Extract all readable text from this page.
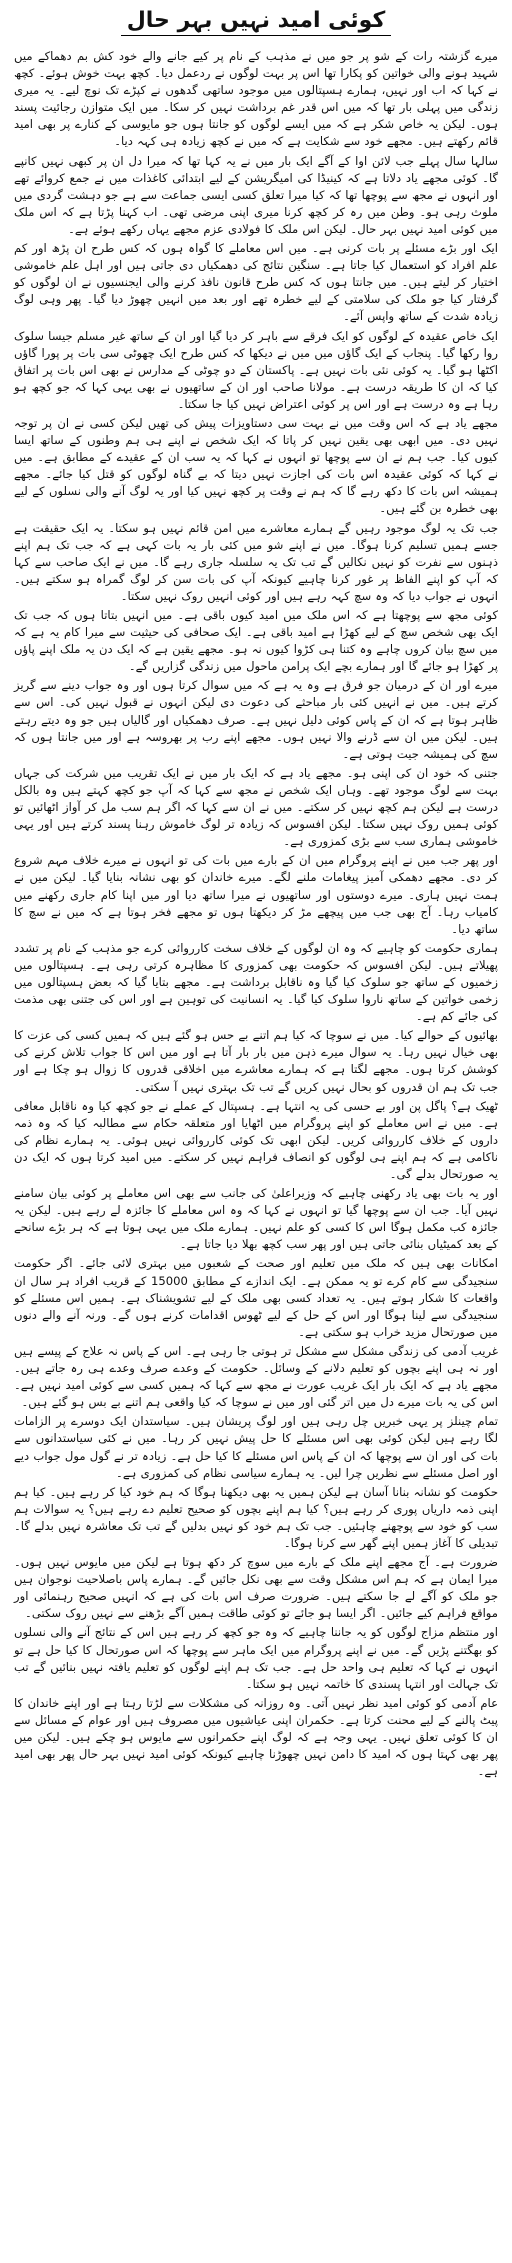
کوئی امید نہیں بہر حال

میرے گزشتہ رات کے شو پر جو میں نے مذہب کے نام پر کیے جانے والے خود کش بم دھماکے میں شہید ہونے والی خواتین کو پکارا تھا اس پر بہت لوگوں نے ردعمل دیا۔ کچھ بہت خوش ہوئے۔ کچھ نے کہا کہ اب اور نہیں، ہمارے ہسپتالوں میں موجود ساتھی گدھوں نے کپڑے تک نوچ لیے۔ یہ میری زندگی میں پہلی بار تھا کہ میں اس قدر غم برداشت نہیں کر سکا۔ میں ایک متوازن رجائیت پسند ہوں۔ لیکن یہ خاص شکر ہے کہ میں ایسے لوگوں کو جانتا ہوں جو مایوسی کے کنارے پر بھی امید قائم رکھتے ہیں۔ مجھے خود سے شکایت ہے کہ میں نے کچھ زیادہ ہی کہہ دیا۔

سالہا سال پہلے جب لائن اوا کے آگے ایک بار میں نے یہ کہا تھا کہ میرا دل ان پر کبھی نہیں کانپے گا۔ کوئی مجھے یاد دلاتا ہے کہ کینیڈا کی امیگریشن کے لیے ابتدائی کاغذات میں نے جمع کروائے تھے اور انہوں نے مجھ سے پوچھا تھا کہ کیا میرا تعلق کسی ایسی جماعت سے ہے جو دہشت گردی میں ملوث رہی ہو۔ وطن میں رہ کر کچھ کرنا میری اپنی مرضی تھی۔ اب کہنا پڑتا ہے کہ اس ملک میں کوئی امید نہیں بہر حال۔ لیکن اس ملک کا فولادی عزم مجھے یہاں رکھے ہوئے ہے۔

ایک اور بڑے مسئلے پر بات کرنی ہے۔ میں اس معاملے کا گواہ ہوں کہ کس طرح ان پڑھ اور کم علم افراد کو استعمال کیا جاتا ہے۔ سنگین نتائج کی دھمکیاں دی جاتی ہیں اور اہل علم خاموشی اختیار کر لیتے ہیں۔ میں جانتا ہوں کہ کس طرح قانون نافذ کرنے والی ایجنسیوں نے ان لوگوں کو گرفتار کیا جو ملک کی سلامتی کے لیے خطرہ تھے اور بعد میں انہیں چھوڑ دیا گیا۔ پھر وہی لوگ زیادہ شدت کے ساتھ واپس آئے۔

ایک خاص عقیدہ کے لوگوں کو ایک فرقے سے باہر کر دیا گیا اور ان کے ساتھ غیر مسلم جیسا سلوک روا رکھا گیا۔ پنجاب کے ایک گاؤں میں میں نے دیکھا کہ کس طرح ایک چھوٹی سی بات پر پورا گاؤں اکٹھا ہو گیا۔ یہ کوئی نئی بات نہیں ہے۔ پاکستان کے دو چوٹی کے مدارس نے بھی اس بات پر اتفاق کیا کہ ان کا طریقہ درست ہے۔ مولانا صاحب اور ان کے ساتھیوں نے بھی یہی کہا کہ جو کچھ ہو رہا ہے وہ درست ہے اور اس پر کوئی اعتراض نہیں کیا جا سکتا۔

مجھے یاد ہے کہ اس وقت میں نے بہت سی دستاویزات پیش کی تھیں لیکن کسی نے ان پر توجہ نہیں دی۔ میں ابھی بھی یقین نہیں کر پاتا کہ ایک شخص نے اپنے ہی ہم وطنوں کے ساتھ ایسا کیوں کیا۔ جب ہم نے ان سے پوچھا تو انہوں نے کہا کہ یہ سب ان کے عقیدے کے مطابق ہے۔ میں نے کہا کہ کوئی عقیدہ اس بات کی اجازت نہیں دیتا کہ بے گناہ لوگوں کو قتل کیا جائے۔ مجھے ہمیشہ اس بات کا دکھ رہے گا کہ ہم نے وقت پر کچھ نہیں کیا اور یہ لوگ آنے والی نسلوں کے لیے بھی خطرہ بن گئے ہیں۔

جب تک یہ لوگ موجود رہیں گے ہمارے معاشرے میں امن قائم نہیں ہو سکتا۔ یہ ایک حقیقت ہے جسے ہمیں تسلیم کرنا ہوگا۔ میں نے اپنے شو میں کئی بار یہ بات کہی ہے کہ جب تک ہم اپنے ذہنوں سے نفرت کو نہیں نکالیں گے تب تک یہ سلسلہ جاری رہے گا۔ میں نے ایک صاحب سے کہا کہ آپ کو اپنے الفاظ پر غور کرنا چاہیے کیونکہ آپ کی بات سن کر لوگ گمراہ ہو سکتے ہیں۔ انہوں نے جواب دیا کہ وہ سچ کہہ رہے ہیں اور کوئی انہیں روک نہیں سکتا۔

کوئی مجھ سے پوچھتا ہے کہ اس ملک میں امید کیوں باقی ہے۔ میں انہیں بتاتا ہوں کہ جب تک ایک بھی شخص سچ کے لیے کھڑا ہے امید باقی ہے۔ ایک صحافی کی حیثیت سے میرا کام یہ ہے کہ میں سچ بیان کروں چاہے وہ کتنا ہی کڑوا کیوں نہ ہو۔ مجھے یقین ہے کہ ایک دن یہ ملک اپنے پاؤں پر کھڑا ہو جائے گا اور ہمارے بچے ایک پرامن ماحول میں زندگی گزاریں گے۔

میرے اور ان کے درمیان جو فرق ہے وہ یہ ہے کہ میں سوال کرتا ہوں اور وہ جواب دینے سے گریز کرتے ہیں۔ میں نے انہیں کئی بار مباحثے کی دعوت دی لیکن انہوں نے قبول نہیں کی۔ اس سے ظاہر ہوتا ہے کہ ان کے پاس کوئی دلیل نہیں ہے۔ صرف دھمکیاں اور گالیاں ہیں جو وہ دیتے رہتے ہیں۔ لیکن میں ان سے ڈرنے والا نہیں ہوں۔ مجھے اپنے رب پر بھروسہ ہے اور میں جانتا ہوں کہ سچ کی ہمیشہ جیت ہوتی ہے۔

جتنی کہ خود ان کی اپنی ہو۔ مجھے یاد ہے کہ ایک بار میں نے ایک تقریب میں شرکت کی جہاں بہت سے لوگ موجود تھے۔ وہاں ایک شخص نے مجھ سے کہا کہ آپ جو کچھ کہتے ہیں وہ بالکل درست ہے لیکن ہم کچھ نہیں کر سکتے۔ میں نے ان سے کہا کہ اگر ہم سب مل کر آواز اٹھائیں تو کوئی ہمیں روک نہیں سکتا۔ لیکن افسوس کہ زیادہ تر لوگ خاموش رہنا پسند کرتے ہیں اور یہی خاموشی ہماری سب سے بڑی کمزوری ہے۔

اور پھر جب میں نے اپنے پروگرام میں ان کے بارے میں بات کی تو انہوں نے میرے خلاف مہم شروع کر دی۔ مجھے دھمکی آمیز پیغامات ملنے لگے۔ میرے خاندان کو بھی نشانہ بنایا گیا۔ لیکن میں نے ہمت نہیں ہاری۔ میرے دوستوں اور ساتھیوں نے میرا ساتھ دیا اور میں اپنا کام جاری رکھنے میں کامیاب رہا۔ آج بھی جب میں پیچھے مڑ کر دیکھتا ہوں تو مجھے فخر ہوتا ہے کہ میں نے سچ کا ساتھ دیا۔

ہماری حکومت کو چاہیے کہ وہ ان لوگوں کے خلاف سخت کارروائی کرے جو مذہب کے نام پر تشدد پھیلاتے ہیں۔ لیکن افسوس کہ حکومت بھی کمزوری کا مظاہرہ کرتی رہی ہے۔ ہسپتالوں میں زخمیوں کے ساتھ جو سلوک کیا گیا وہ ناقابل برداشت ہے۔ مجھے بتایا گیا کہ بعض ہسپتالوں میں زخمی خواتین کے ساتھ ناروا سلوک کیا گیا۔ یہ انسانیت کی توہین ہے اور اس کی جتنی بھی مذمت کی جائے کم ہے۔

بھائیوں کے حوالے کیا۔ میں نے سوچا کہ کیا ہم اتنے بے حس ہو گئے ہیں کہ ہمیں کسی کی عزت کا بھی خیال نہیں رہا۔ یہ سوال میرے ذہن میں بار بار آتا ہے اور میں اس کا جواب تلاش کرنے کی کوشش کرتا ہوں۔ مجھے لگتا ہے کہ ہمارے معاشرے میں اخلاقی قدروں کا زوال ہو چکا ہے اور جب تک ہم ان قدروں کو بحال نہیں کریں گے تب تک بہتری نہیں آ سکتی۔

ٹھیک ہے؟ پاگل پن اور بے حسی کی یہ انتہا ہے۔ ہسپتال کے عملے نے جو کچھ کیا وہ ناقابل معافی ہے۔ میں نے اس معاملے کو اپنے پروگرام میں اٹھایا اور متعلقہ حکام سے مطالبہ کیا کہ وہ ذمہ داروں کے خلاف کارروائی کریں۔ لیکن ابھی تک کوئی کارروائی نہیں ہوئی۔ یہ ہمارے نظام کی ناکامی ہے کہ ہم اپنے ہی لوگوں کو انصاف فراہم نہیں کر سکتے۔ میں امید کرتا ہوں کہ ایک دن یہ صورتحال بدلے گی۔

اور یہ بات بھی یاد رکھنی چاہیے کہ وزیراعلیٰ کی جانب سے بھی اس معاملے پر کوئی بیان سامنے نہیں آیا۔ جب ان سے پوچھا گیا تو انہوں نے کہا کہ وہ اس معاملے کا جائزہ لے رہے ہیں۔ لیکن یہ جائزہ کب مکمل ہوگا اس کا کسی کو علم نہیں۔ ہمارے ملک میں یہی ہوتا ہے کہ ہر بڑے سانحے کے بعد کمیٹیاں بنائی جاتی ہیں اور پھر سب کچھ بھلا دیا جاتا ہے۔

امکانات بھی ہیں کہ ملک میں تعلیم اور صحت کے شعبوں میں بہتری لائی جائے۔ اگر حکومت سنجیدگی سے کام کرے تو یہ ممکن ہے۔ ایک اندازے کے مطابق 15000 کے قریب افراد ہر سال ان واقعات کا شکار ہوتے ہیں۔ یہ تعداد کسی بھی ملک کے لیے تشویشناک ہے۔ ہمیں اس مسئلے کو سنجیدگی سے لینا ہوگا اور اس کے حل کے لیے ٹھوس اقدامات کرنے ہوں گے۔ ورنہ آنے والے دنوں میں صورتحال مزید خراب ہو سکتی ہے۔

غریب آدمی کی زندگی مشکل سے مشکل تر ہوتی جا رہی ہے۔ اس کے پاس نہ علاج کے پیسے ہیں اور نہ ہی اپنے بچوں کو تعلیم دلانے کے وسائل۔ حکومت کے وعدے صرف وعدے ہی رہ جاتے ہیں۔ مجھے یاد ہے کہ ایک بار ایک غریب عورت نے مجھ سے کہا کہ ہمیں کسی سے کوئی امید نہیں ہے۔ اس کی یہ بات میرے دل میں اتر گئی اور میں نے سوچا کہ کیا واقعی ہم اتنے بے بس ہو گئے ہیں۔

تمام چینلز پر یہی خبریں چل رہی ہیں اور لوگ پریشان ہیں۔ سیاستدان ایک دوسرے پر الزامات لگا رہے ہیں لیکن کوئی بھی اس مسئلے کا حل پیش نہیں کر رہا۔ میں نے کئی سیاستدانوں سے بات کی اور ان سے پوچھا کہ ان کے پاس اس مسئلے کا کیا حل ہے۔ زیادہ تر نے گول مول جواب دیے اور اصل مسئلے سے نظریں چرا لیں۔ یہ ہمارے سیاسی نظام کی کمزوری ہے۔

حکومت کو نشانہ بنانا آسان ہے لیکن ہمیں یہ بھی دیکھنا ہوگا کہ ہم خود کیا کر رہے ہیں۔ کیا ہم اپنی ذمہ داریاں پوری کر رہے ہیں؟ کیا ہم اپنے بچوں کو صحیح تعلیم دے رہے ہیں؟ یہ سوالات ہم سب کو خود سے پوچھنے چاہئیں۔ جب تک ہم خود کو نہیں بدلیں گے تب تک معاشرہ نہیں بدلے گا۔ تبدیلی کا آغاز ہمیں اپنے گھر سے کرنا ہوگا۔

ضرورت ہے۔ آج مجھے اپنے ملک کے بارے میں سوچ کر دکھ ہوتا ہے لیکن میں مایوس نہیں ہوں۔ میرا ایمان ہے کہ ہم اس مشکل وقت سے بھی نکل جائیں گے۔ ہمارے پاس باصلاحیت نوجوان ہیں جو ملک کو آگے لے جا سکتے ہیں۔ ضرورت صرف اس بات کی ہے کہ انہیں صحیح رہنمائی اور مواقع فراہم کیے جائیں۔ اگر ایسا ہو جائے تو کوئی طاقت ہمیں آگے بڑھنے سے نہیں روک سکتی۔

اور منتظم مزاج لوگوں کو یہ جاننا چاہیے کہ وہ جو کچھ کر رہے ہیں اس کے نتائج آنے والی نسلوں کو بھگتنے پڑیں گے۔ میں نے اپنے پروگرام میں ایک ماہر سے پوچھا کہ اس صورتحال کا کیا حل ہے تو انہوں نے کہا کہ تعلیم ہی واحد حل ہے۔ جب تک ہم اپنے لوگوں کو تعلیم یافتہ نہیں بنائیں گے تب تک جہالت اور انتہا پسندی کا خاتمہ نہیں ہو سکتا۔

عام آدمی کو کوئی امید نظر نہیں آتی۔ وہ روزانہ کی مشکلات سے لڑتا رہتا ہے اور اپنے خاندان کا پیٹ پالنے کے لیے محنت کرتا ہے۔ حکمران اپنی عیاشیوں میں مصروف ہیں اور عوام کے مسائل سے ان کا کوئی تعلق نہیں۔ یہی وجہ ہے کہ لوگ اپنے حکمرانوں سے مایوس ہو چکے ہیں۔ لیکن میں پھر بھی کہتا ہوں کہ امید کا دامن نہیں چھوڑنا چاہیے کیونکہ کوئی امید نہیں بہر حال پھر بھی امید ہے۔
